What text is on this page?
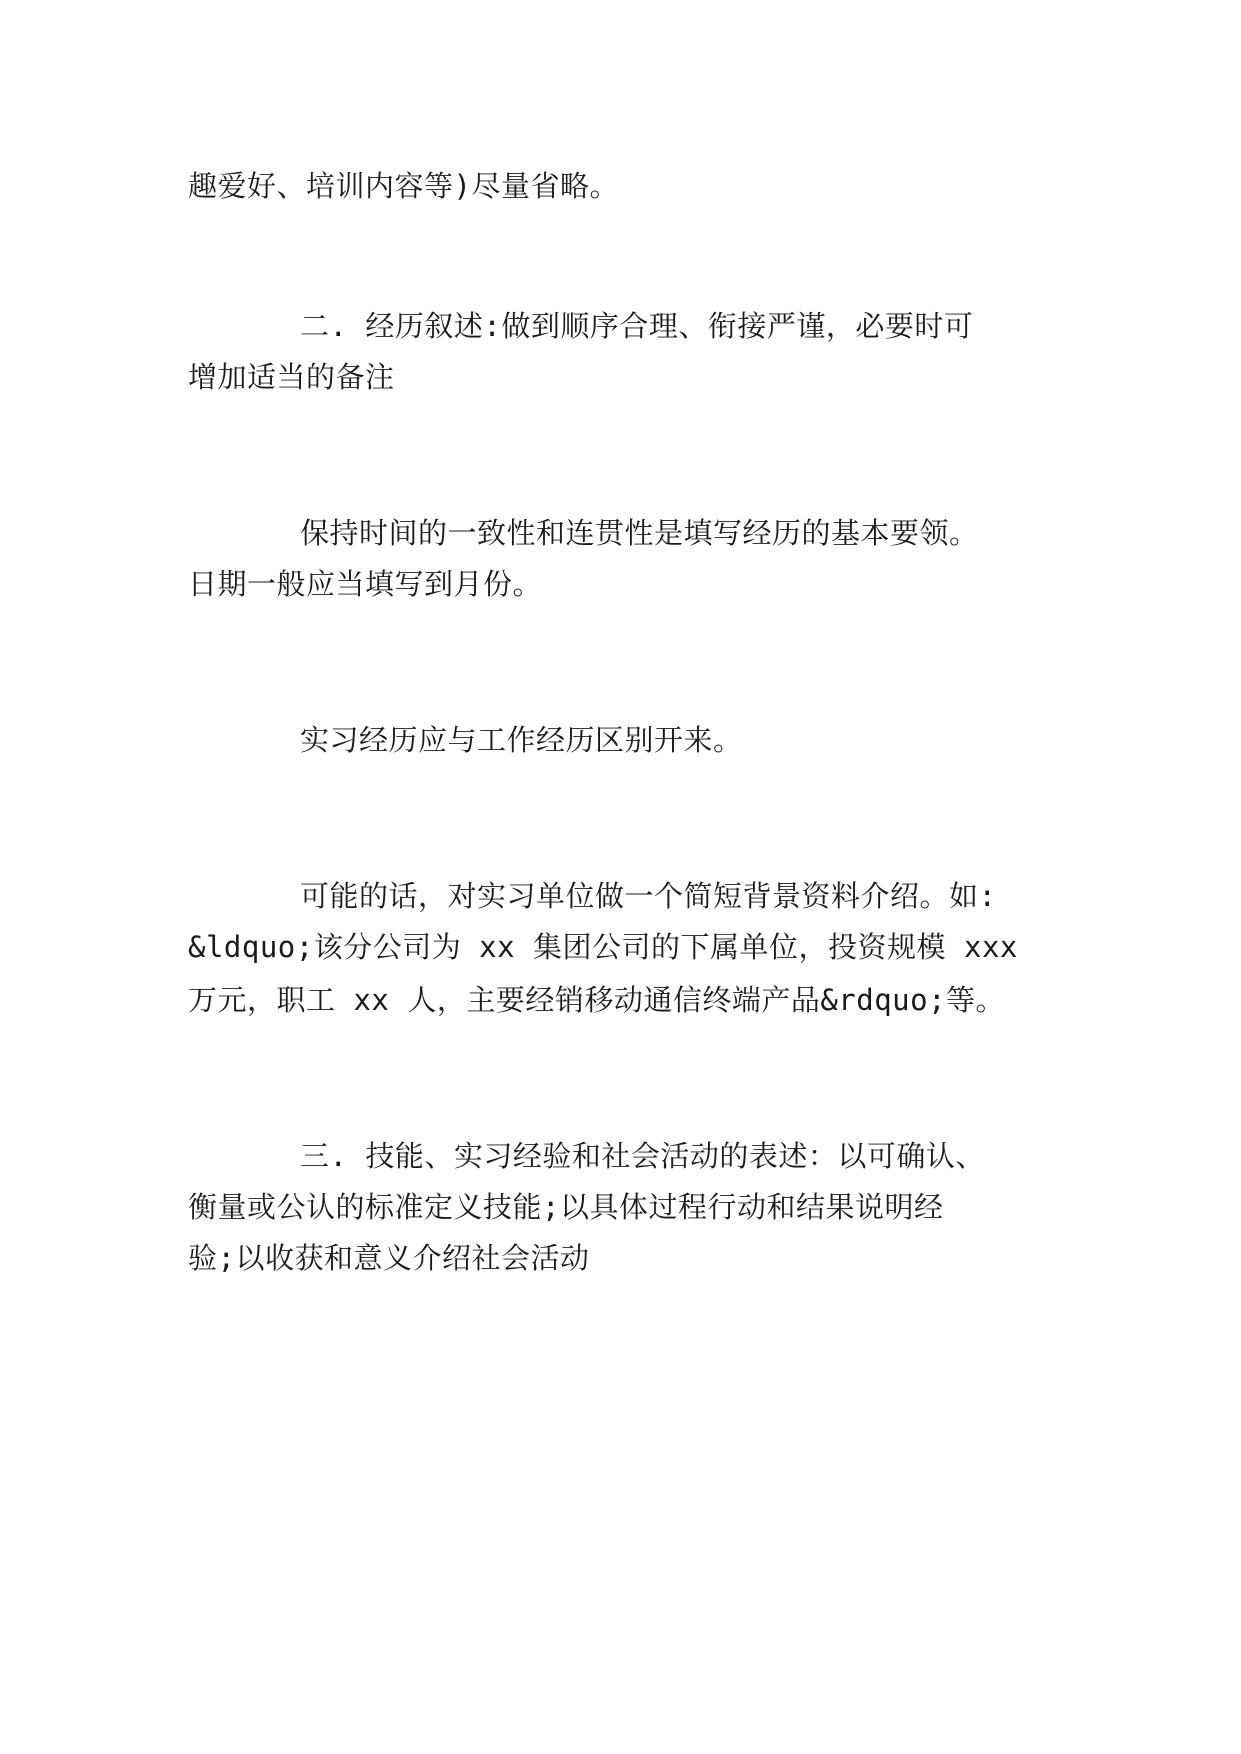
趣爱好、培训内容等)尽量省略。
二. 经历叙述:做到顺序合理、衔接严谨，必要时可
增加适当的备注
保持时间的一致性和连贯性是填写经历的基本要领。
日期一般应当填写到月份。
实习经历应与工作经历区别开来。
可能的话，对实习单位做一个简短背景资料介绍。如:
&ldquo;该分公司为 xx 集团公司的下属单位，投资规模 xxx
万元，职工 xx 人，主要经销移动通信终端产品&rdquo;等。
三. 技能、实习经验和社会活动的表述：以可确认、
衡量或公认的标准定义技能;以具体过程行动和结果说明经
验;以收获和意义介绍社会活动
